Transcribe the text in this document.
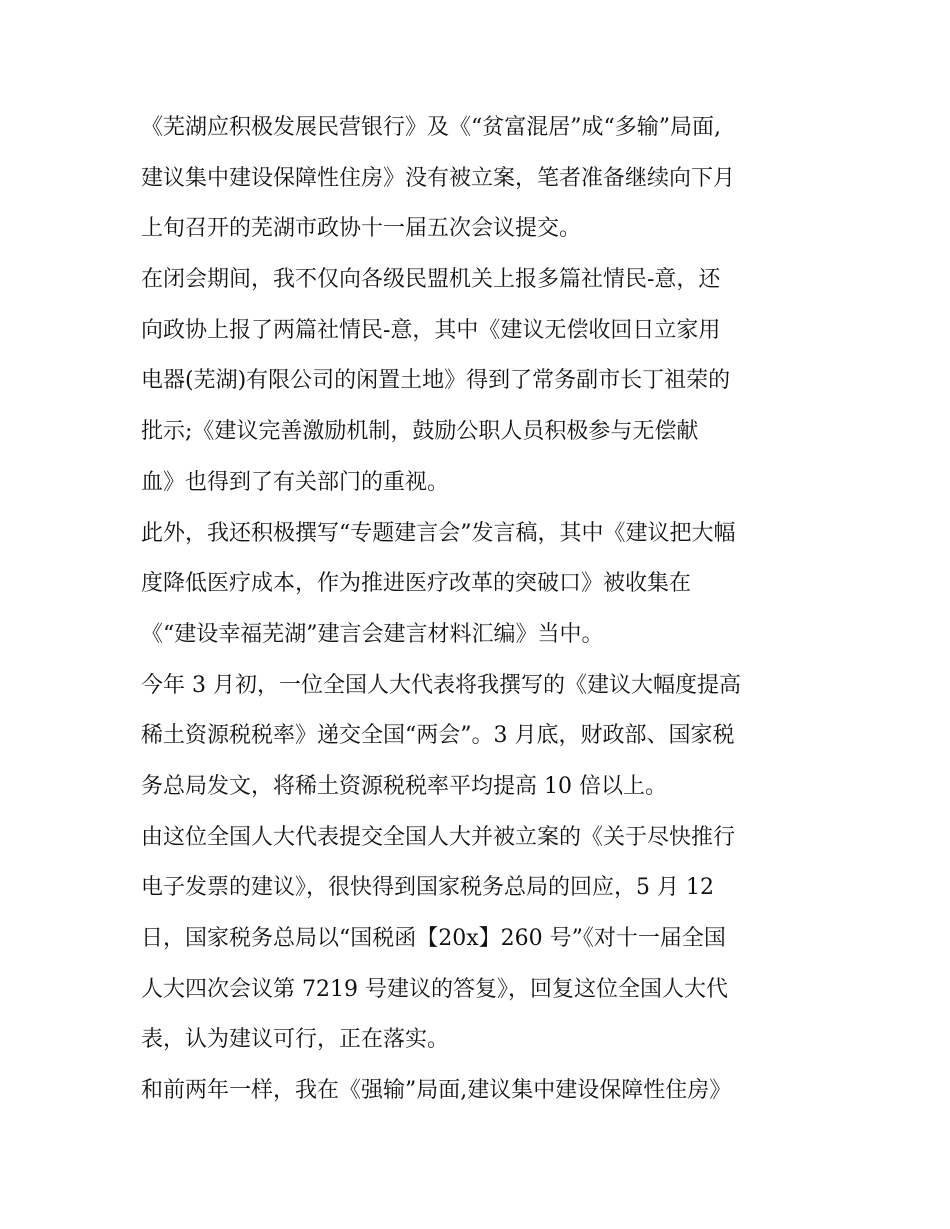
《芜湖应积极发展民营银行》及《“贫富混居”成“多输”局面,
建议集中建设保障性住房》没有被立案，笔者准备继续向下月
上旬召开的芜湖市政协十一届五次会议提交。
在闭会期间，我不仅向各级民盟机关上报多篇社情民-意，还
向政协上报了两篇社情民-意，其中《建议无偿收回日立家用
电器(芜湖)有限公司的闲置土地》得到了常务副市长丁祖荣的
批示;《建议完善激励机制，鼓励公职人员积极参与无偿献
血》也得到了有关部门的重视。
此外，我还积极撰写“专题建言会”发言稿，其中《建议把大幅
度降低医疗成本，作为推进医疗改革的突破口》被收集在
《“建设幸福芜湖”建言会建言材料汇编》当中。
今年 3 月初，一位全国人大代表将我撰写的《建议大幅度提高
稀土资源税税率》递交全国“两会”。3 月底，财政部、国家税
务总局发文，将稀土资源税税率平均提高 10 倍以上。
由这位全国人大代表提交全国人大并被立案的《关于尽快推行
电子发票的建议》，很快得到国家税务总局的回应，5 月 12
日，国家税务总局以“国税函【20x】260 号”《对十一届全国
人大四次会议第 7219 号建议的答复》，回复这位全国人大代
表，认为建议可行，正在落实。
和前两年一样，我在《强输”局面,建议集中建设保障性住房》
